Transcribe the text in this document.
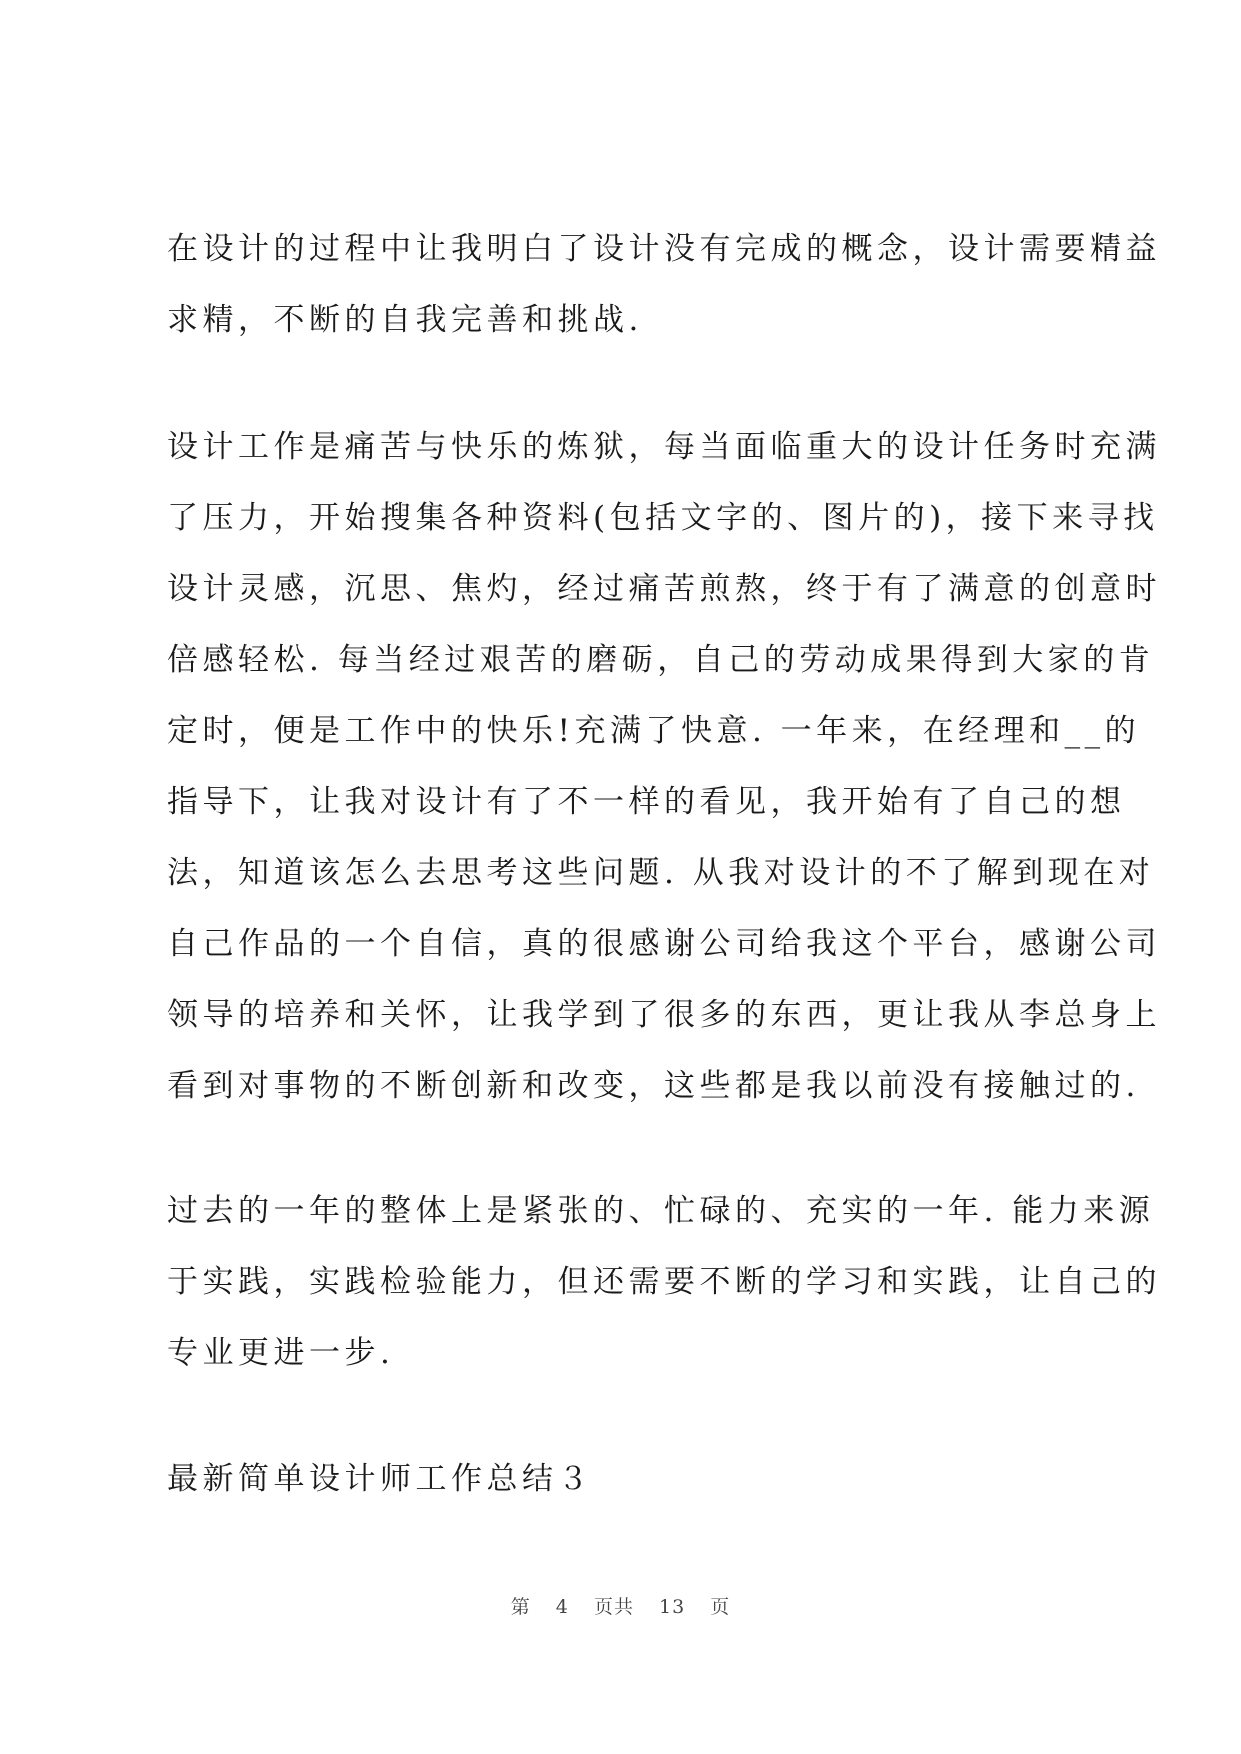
在设计的过程中让我明白了设计没有完成的概念，设计需要精益
求精，不断的自我完善和挑战.
设计工作是痛苦与快乐的炼狱，每当面临重大的设计任务时充满
了压力，开始搜集各种资料(包括文字的、图片的)，接下来寻找
设计灵感，沉思、焦灼，经过痛苦煎熬，终于有了满意的创意时
倍感轻松. 每当经过艰苦的磨砺，自己的劳动成果得到大家的肯
定时，便是工作中的快乐!充满了快意. 一年来，在经理和__的
指导下，让我对设计有了不一样的看见，我开始有了自己的想
法，知道该怎么去思考这些问题. 从我对设计的不了解到现在对
自己作品的一个自信，真的很感谢公司给我这个平台，感谢公司
领导的培养和关怀，让我学到了很多的东西，更让我从李总身上
看到对事物的不断创新和改变，这些都是我以前没有接触过的.
过去的一年的整体上是紧张的、忙碌的、充实的一年. 能力来源
于实践，实践检验能力，但还需要不断的学习和实践，让自己的
专业更进一步.
最新简单设计师工作总结３
第 4 页共 13 页
